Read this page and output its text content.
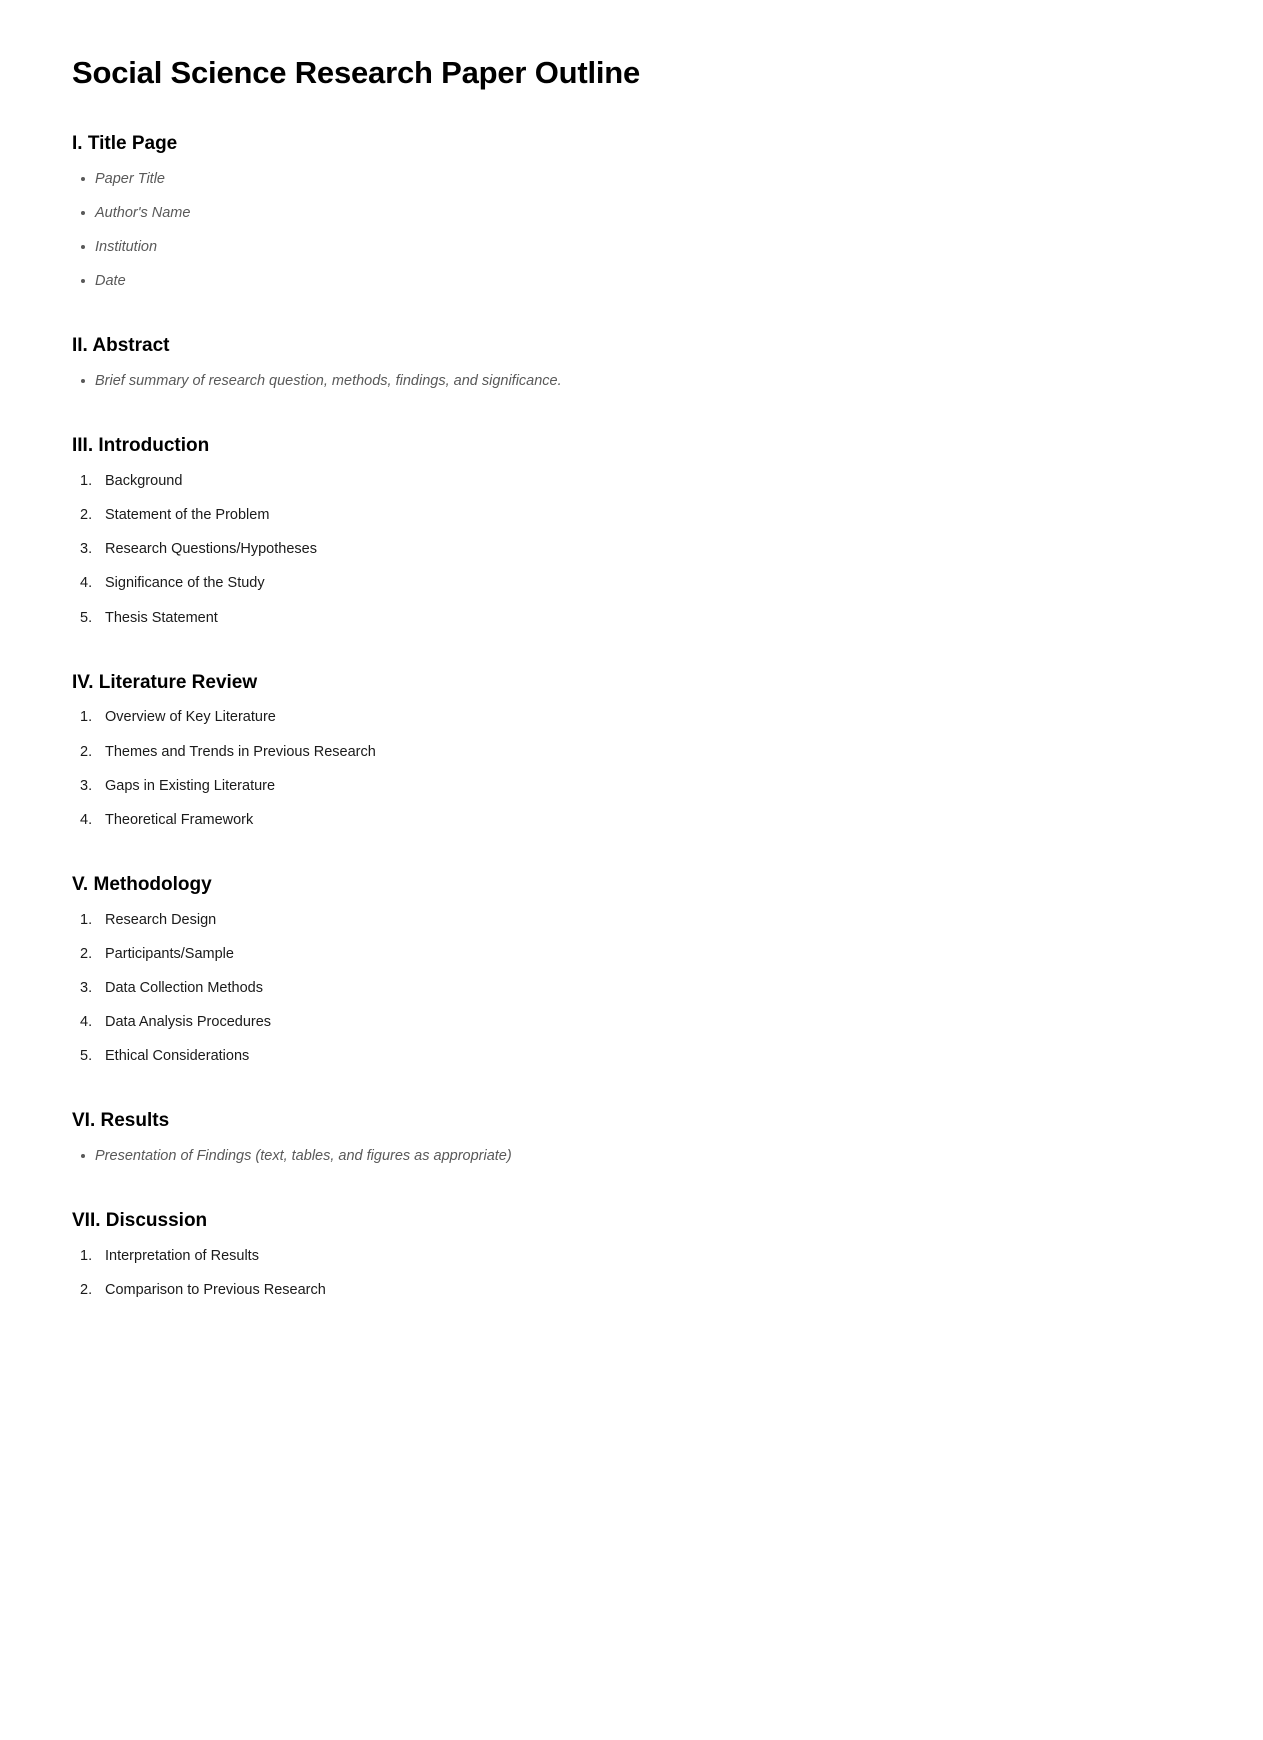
Social Science Research Paper Outline
I. Title Page
Paper Title
Author's Name
Institution
Date
II. Abstract
Brief summary of research question, methods, findings, and significance.
III. Introduction
Background
Statement of the Problem
Research Questions/Hypotheses
Significance of the Study
Thesis Statement
IV. Literature Review
Overview of Key Literature
Themes and Trends in Previous Research
Gaps in Existing Literature
Theoretical Framework
V. Methodology
Research Design
Participants/Sample
Data Collection Methods
Data Analysis Procedures
Ethical Considerations
VI. Results
Presentation of Findings (text, tables, and figures as appropriate)
VII. Discussion
Interpretation of Results
Comparison to Previous Research
